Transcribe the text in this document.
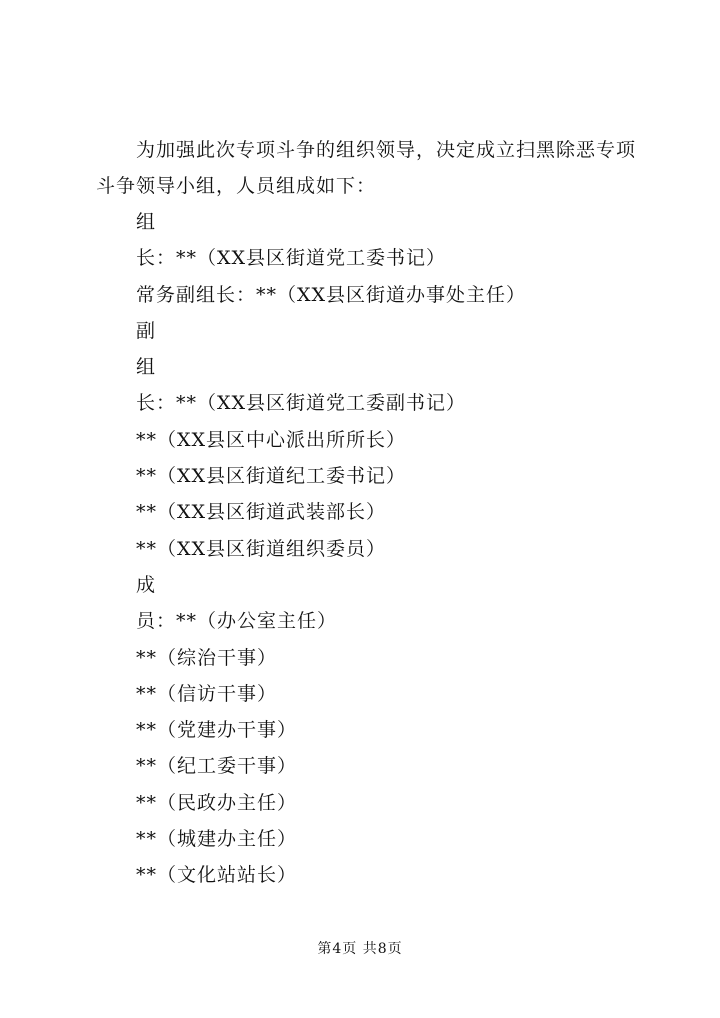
为加强此次专项斗争的组织领导，决定成立扫黑除恶专项斗争领导小组，人员组成如下：
组
长：**（XX县区街道党工委书记）
常务副组长：**（XX县区街道办事处主任）
副
组
长：**（XX县区街道党工委副书记）
**（XX县区中心派出所所长）
**（XX县区街道纪工委书记）
**（XX县区街道武装部长）
**（XX县区街道组织委员）
成
员：**（办公室主任）
**（综治干事）
**（信访干事）
**（党建办干事）
**（纪工委干事）
**（民政办主任）
**（城建办主任）
**（文化站站长）
第4页 共8页
